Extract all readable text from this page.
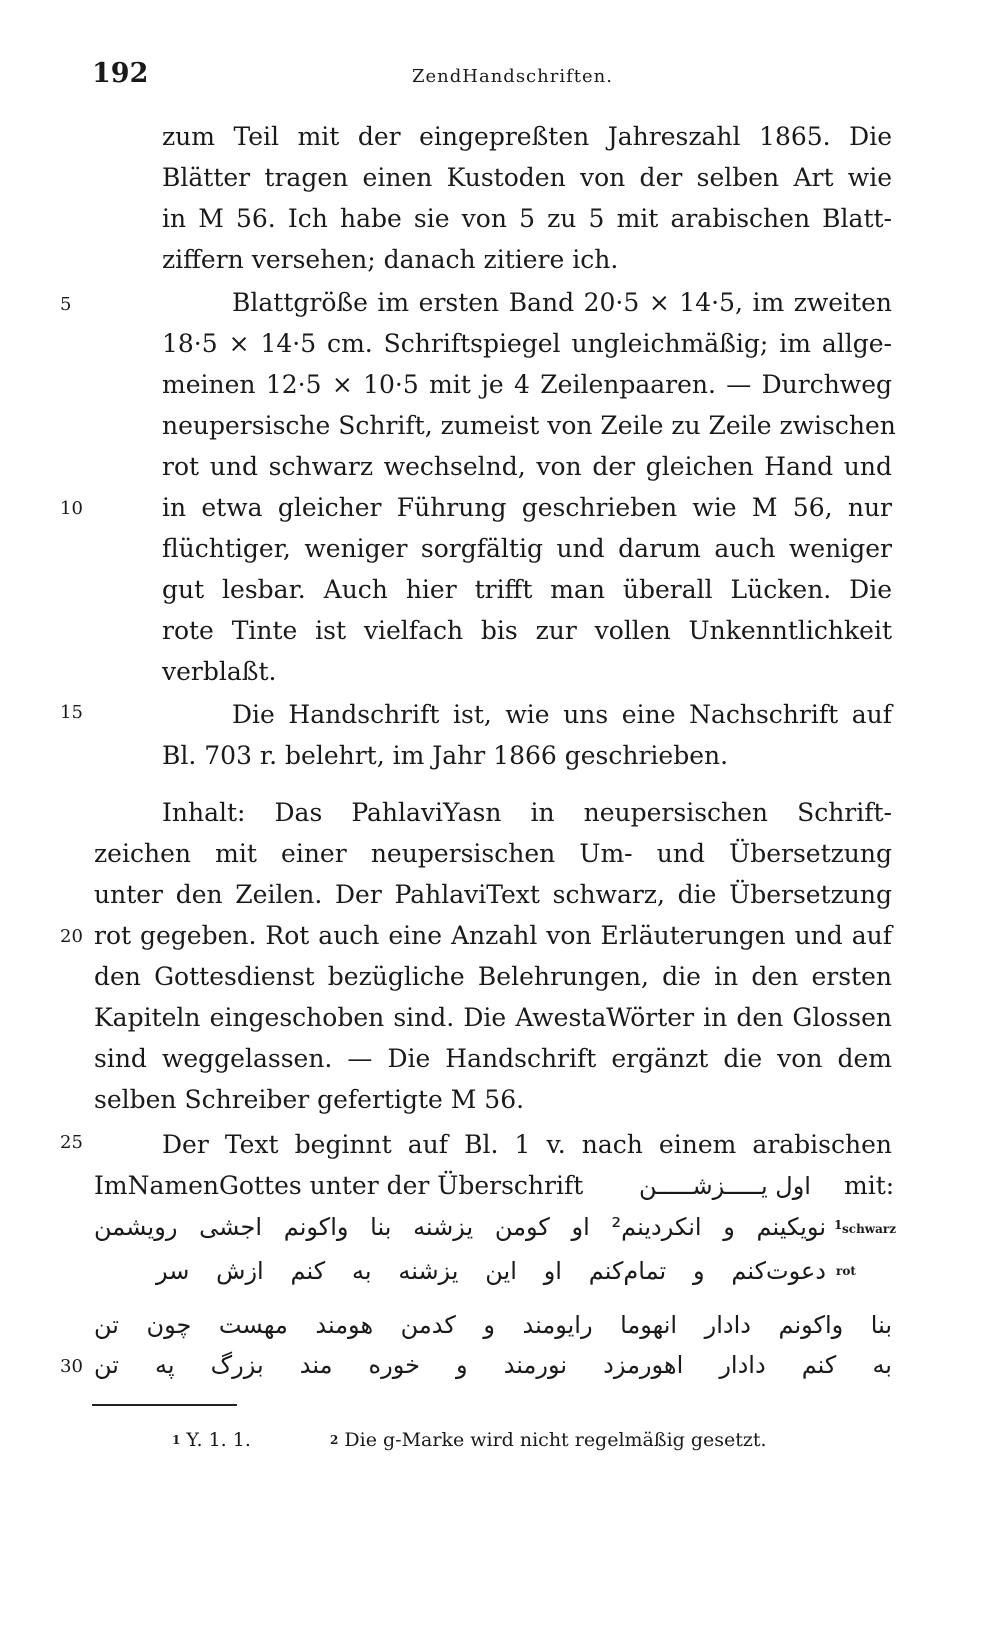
192	ZendHandschriften.
5
10
15
20
25
30
zum Teil mit der eingepreßten Jahreszahl 1865. Die
Blätter tragen einen Kustoden von der selben Art wie
in M 56. Ich habe sie von 5 zu 5 mit arabischen Blatt-
ziffern versehen; danach zitiere ich.
Blattgröße im ersten Band 20·5 × 14·5, im zweiten
18·5 × 14·5 cm. Schriftspiegel ungleichmäßig; im allge-
meinen 12·5 × 10·5 mit je 4 Zeilenpaaren. — Durchweg
neupersische Schrift, zumeist von Zeile zu Zeile zwischen
rot und schwarz wechselnd, von der gleichen Hand und
in etwa gleicher Führung geschrieben wie M 56, nur
flüchtiger, weniger sorgfältig und darum auch weniger
gut lesbar. Auch hier trifft man überall Lücken. Die
rote Tinte ist vielfach bis zur vollen Unkenntlichkeit
verblaßt.
Die Handschrift ist, wie uns eine Nachschrift auf
Bl. 703 r. belehrt, im Jahr 1866 geschrieben.
Inhalt: Das PahlaviYasn in neupersischen Schrift-
zeichen mit einer neupersischen Um- und Übersetzung
unter den Zeilen. Der PahlaviText schwarz, die Übersetzung
rot gegeben. Rot auch eine Anzahl von Erläuterungen und auf
den Gottesdienst bezügliche Belehrungen, die in den ersten
Kapiteln eingeschoben sind. Die AwestaWörter in den Glossen
sind weggelassen. — Die Handschrift ergänzt die von dem
selben Schreiber gefertigte M 56.
Der Text beginnt auf Bl. 1 v. nach einem arabischen
ImNamenGottes unter der Überschrift	اول یـــــزشـــــن	mit:
schwarz
1
نویکینم و انکردینم² او کومن یزشنه بنا واکونم اجشی رویشمن
rot
دعوت‌کنم و تمام‌کنم او این یزشنه به کنم ازش سر
بنا واکونم دادار انهوما رایومند و کدمن هومند مهست چون تن
به کنم دادار اهورمزد نورمند و خوره مند بزرگ په تن
$^1$ Y. 1. 1.	$^2$ Die g-Marke wird nicht regelmäßig gesetzt.
